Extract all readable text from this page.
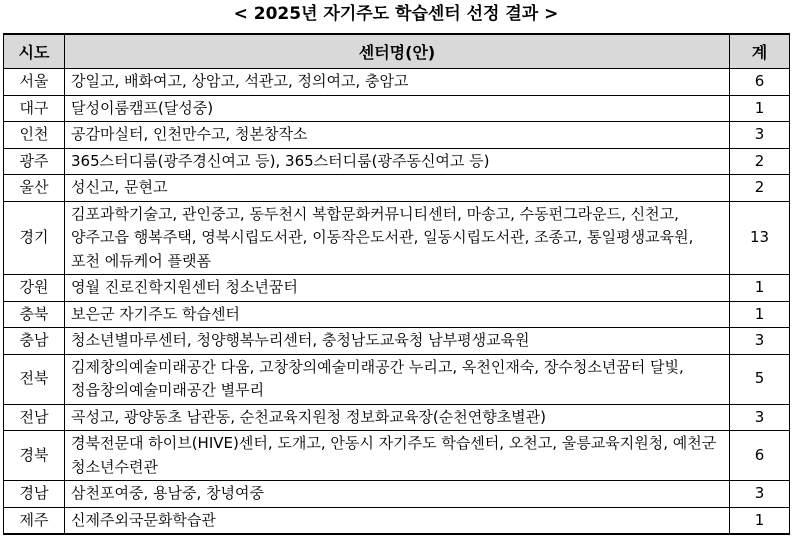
< 2025년 자기주도 학습센터 선정 결과 >
시도	센터명(안)	계
서울	강일고, 배화여고, 상암고, 석관고, 정의여고, 충암고	6
대구	달성이룸캠프(달성중)	1
인천	공감마실터, 인천만수고, 청본창작소	3
광주	365스터디룸(광주경신여고 등), 365스터디룸(광주동신여고 등)	2
울산	성신고, 문현고	2
경기	김포과학기술고, 관인중고, 동두천시 복합문화커뮤니티센터, 마송고, 수동펀그라운드, 신천고, 양주고읍 행복주택, 영북시립도서관, 이동작은도서관, 일동시립도서관, 조종고, 통일평생교육원, 포천 에듀케어 플랫폼	13
강원	영월 진로진학지원센터 청소년꿈터	1
충북	보은군 자기주도 학습센터	1
충남	청소년별마루센터, 청양행복누리센터, 충청남도교육청 남부평생교육원	3
전북	김제창의예술미래공간 다움, 고창창의예술미래공간 누리고, 옥천인재숙, 장수청소년꿈터 달빛, 정읍창의예술미래공간 별무리	5
전남	곡성고, 광양동초 남관동, 순천교육지원청 정보화교육장(순천연향초별관)	3
경북	경북전문대 하이브(HIVE)센터, 도개고, 안동시 자기주도 학습센터, 오천고, 울릉교육지원청, 예천군 청소년수련관	6
경남	삼천포여중, 용남중, 창녕여중	3
제주	신제주외국문화학습관	1
